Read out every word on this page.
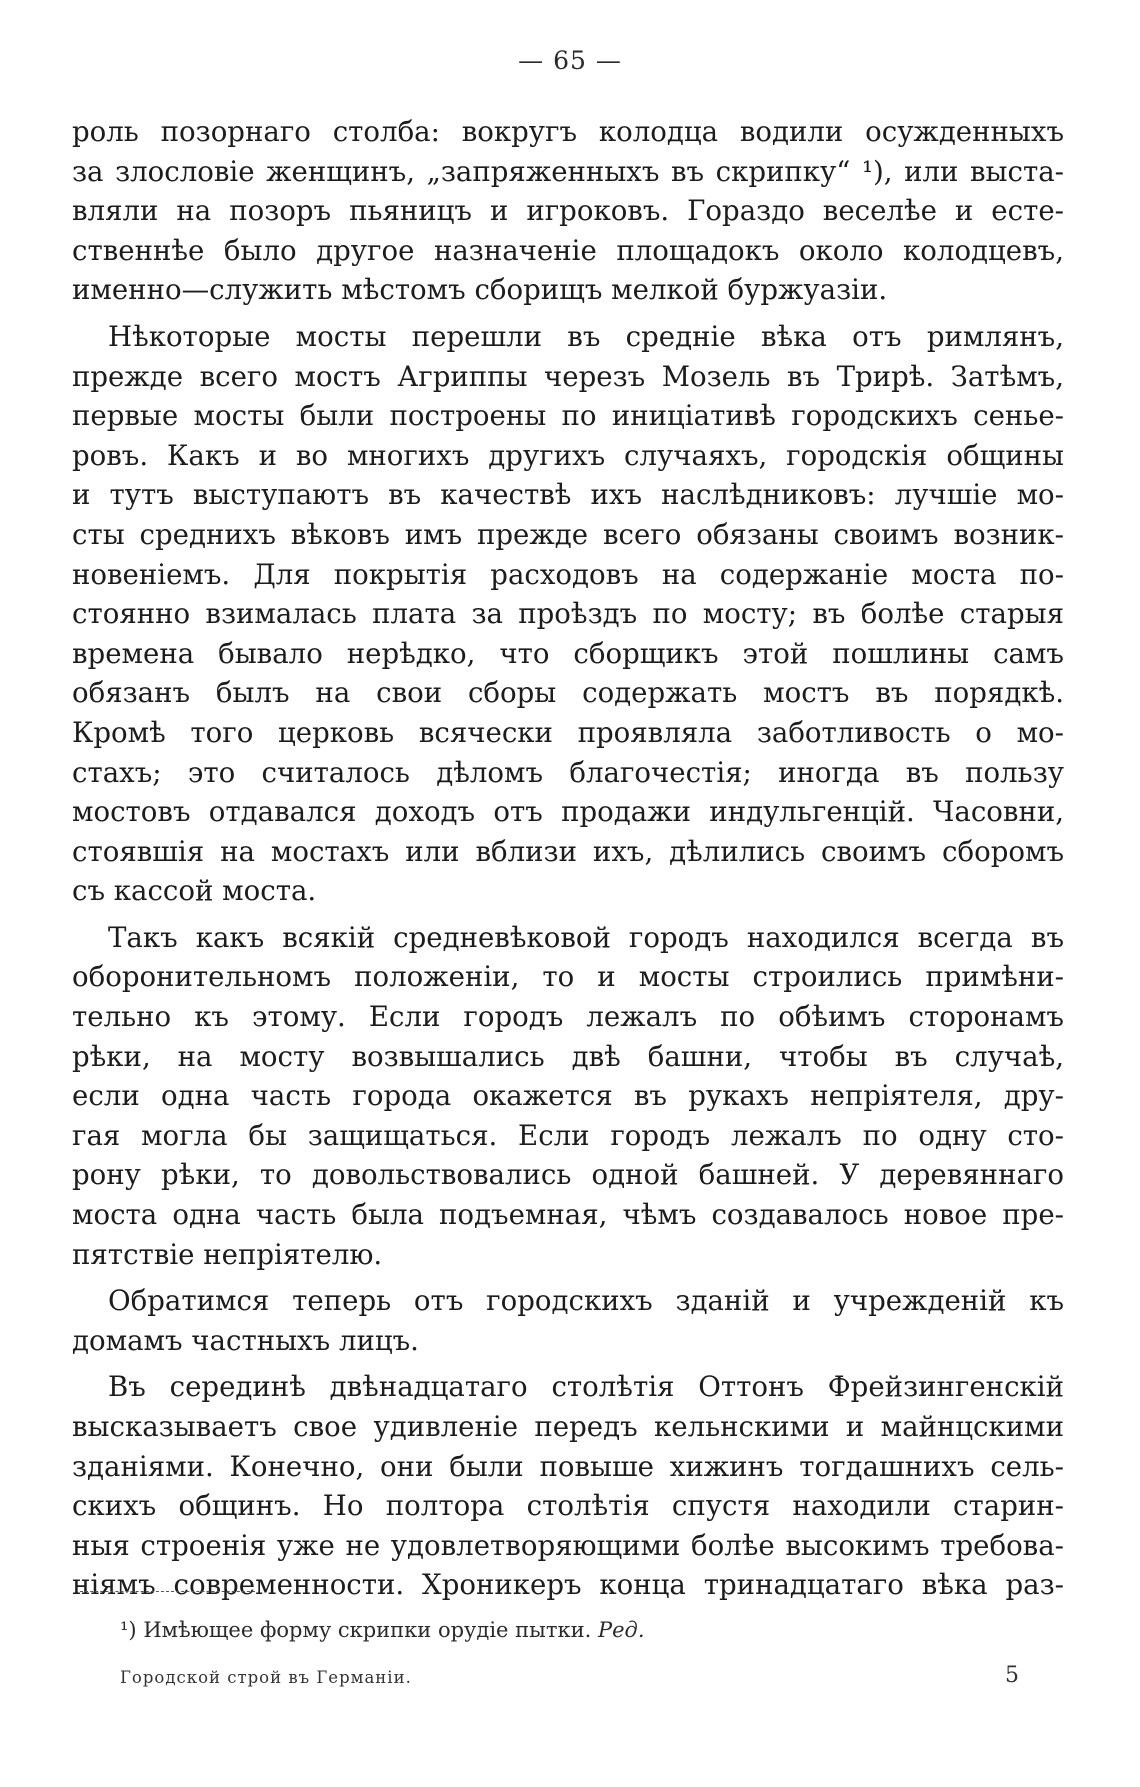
— 65 —
роль позорнаго столба: вокругъ колодца водили осужденныхъ
за злословіе женщинъ, „запряженныхъ въ скрипку“ ¹), или выста-
вляли на позоръ пьяницъ и игроковъ. Гораздо веселѣе и есте-
ственнѣе было другое назначеніе площадокъ около колодцевъ,
именно—служить мѣстомъ сборищъ мелкой буржуазіи.
Нѣкоторые мосты перешли въ средніе вѣка отъ римлянъ,
прежде всего мостъ Агриппы черезъ Мозель въ Трирѣ. Затѣмъ,
первые мосты были построены по иниціативѣ городскихъ сенье-
ровъ. Какъ и во многихъ другихъ случаяхъ, городскія общины
и тутъ выступаютъ въ качествѣ ихъ наслѣдниковъ: лучшіе мо-
сты среднихъ вѣковъ имъ прежде всего обязаны своимъ возник-
новеніемъ. Для покрытія расходовъ на содержаніе моста по-
стоянно взималась плата за проѣздъ по мосту; въ болѣе старыя
времена бывало нерѣдко, что сборщикъ этой пошлины самъ
обязанъ былъ на свои сборы содержать мостъ въ порядкѣ.
Кромѣ того церковь всячески проявляла заботливость о мо-
стахъ; это считалось дѣломъ благочестія; иногда въ пользу
мостовъ отдавался доходъ отъ продажи индульгенцій. Часовни,
стоявшія на мостахъ или вблизи ихъ, дѣлились своимъ сборомъ
съ кассой моста.
Такъ какъ всякій средневѣковой городъ находился всегда въ
оборонительномъ положеніи, то и мосты строились примѣни-
тельно къ этому. Если городъ лежалъ по обѣимъ сторонамъ
рѣки, на мосту возвышались двѣ башни, чтобы въ случаѣ,
если одна часть города окажется въ рукахъ непріятеля, дру-
гая могла бы защищаться. Если городъ лежалъ по одну сто-
рону рѣки, то довольствовались одной башней. У деревяннаго
моста одна часть была подъемная, чѣмъ создавалось новое пре-
пятствіе непріятелю.
Обратимся теперь отъ городскихъ зданій и учрежденій къ
домамъ частныхъ лицъ.
Въ серединѣ двѣнадцатаго столѣтія Оттонъ Фрейзингенскій
высказываетъ свое удивленіе передъ кельнскими и майнцскими
зданіями. Конечно, они были повыше хижинъ тогдашнихъ сель-
скихъ общинъ. Но полтора столѣтія спустя находили старин-
ныя строенія уже не удовлетворяющими болѣе высокимъ требова-
ніямъ современности. Хроникеръ конца тринадцатаго вѣка раз-
¹) Имѣющее форму скрипки орудіе пытки. Ред.
Городской строй въ Германіи.	5
